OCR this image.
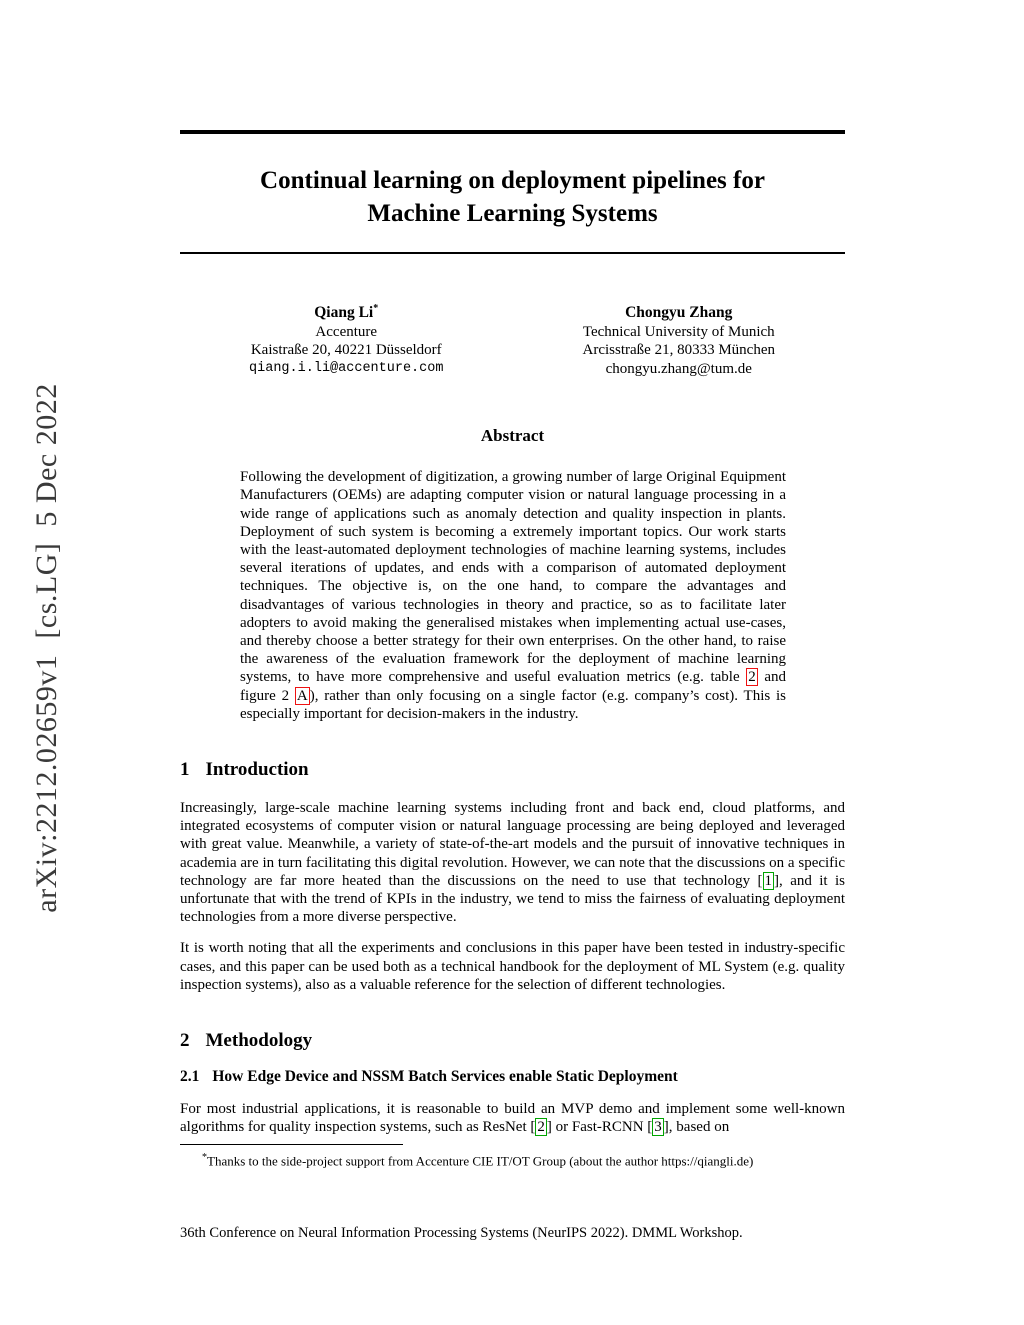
arXiv:2212.02659v1  [cs.LG]  5 Dec 2022
Continual learning on deployment pipelines for
Machine Learning Systems
Qiang Li*
Accenture
Kaistraße 20, 40221 Düsseldorf
qiang.i.li@accenture.com
Chongyu Zhang
Technical University of Munich
Arcisstraße 21, 80333 München
chongyu.zhang@tum.de
Abstract

Following the development of digitization, a growing number of large Original Equipment Manufacturers (OEMs) are adapting computer vision or natural language processing in a wide range of applications such as anomaly detection and quality inspection in plants. Deployment of such system is becoming a extremely important topics. Our work starts with the least-automated deployment technologies of machine learning systems, includes several iterations of updates, and ends with a comparison of automated deployment techniques. The objective is, on the one hand, to compare the advantages and disadvantages of various technologies in theory and practice, so as to facilitate later adopters to avoid making the generalised mistakes when implementing actual use-cases, and thereby choose a better strategy for their own enterprises. On the other hand, to raise the awareness of the evaluation framework for the deployment of machine learning systems, to have more comprehensive and useful evaluation metrics (e.g. table 2 and figure 2 A ), rather than only focusing on a single factor (e.g. company’s cost). This is especially important for decision-makers in the industry.

1 Introduction

Increasingly, large-scale machine learning systems including front and back end, cloud platforms, and integrated ecosystems of computer vision or natural language processing are being deployed and leveraged with great value. Meanwhile, a variety of state-of-the-art models and the pursuit of innovative techniques in academia are in turn facilitating this digital revolution. However, we can note that the discussions on a specific technology are far more heated than the discussions on the need to use that technology [ 1 ], and it is unfortunate that with the trend of KPIs in the industry, we tend to miss the fairness of evaluating deployment technologies from a more diverse perspective.

It is worth noting that all the experiments and conclusions in this paper have been tested in industry-specific cases, and this paper can be used both as a technical handbook for the deployment of ML System (e.g. quality inspection systems), also as a valuable reference for the selection of different technologies.

2 Methodology
2.1 How Edge Device and NSSM Batch Services enable Static Deployment

For most industrial applications, it is reasonable to build an MVP demo and implement some well-known algorithms for quality inspection systems, such as ResNet [ 2 ] or Fast-RCNN [ 3 ], based on

*Thanks to the side-project support from Accenture CIE IT/OT Group (about the author https://qiangli.de)

36th Conference on Neural Information Processing Systems (NeurIPS 2022). DMML Workshop.
